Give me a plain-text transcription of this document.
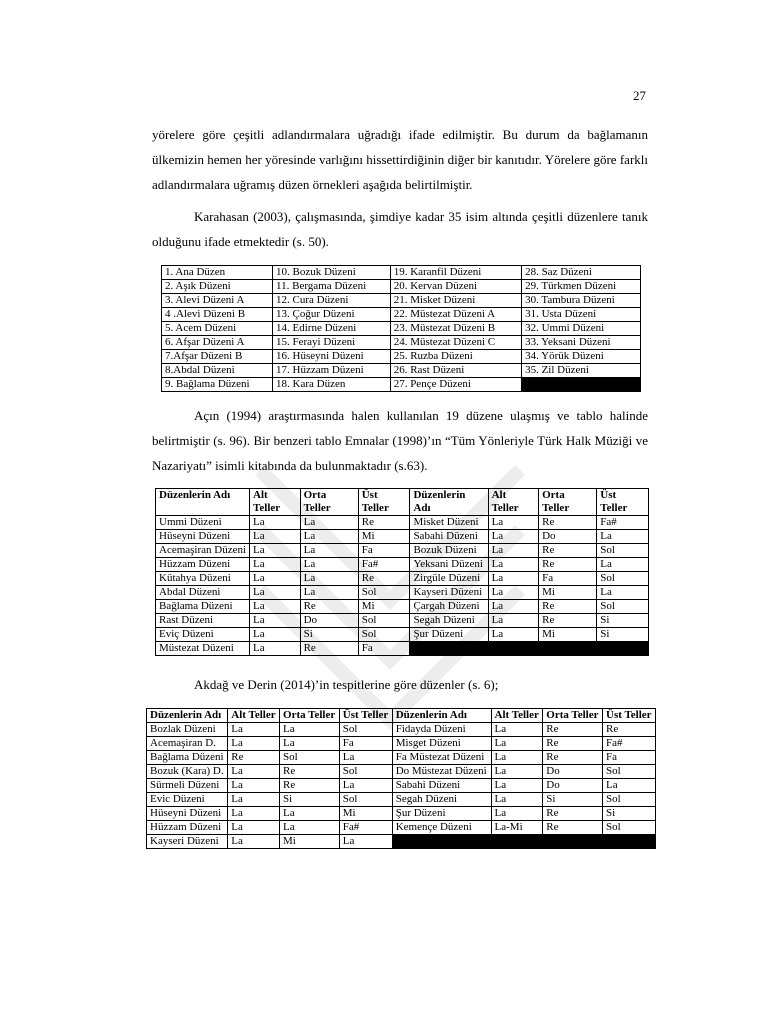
27

yörelere göre çeşitli adlandırmalara uğradığı ifade edilmiştir. Bu durum da bağlamanın ülkemizin hemen her yöresinde varlığını hissettirdiğinin diğer bir kanıtıdır. Yörelere göre farklı adlandırmalara uğramış düzen örnekleri aşağıda belirtilmiştir.

Karahasan (2003), çalışmasında, şimdiye kadar 35 isim altında çeşitli düzenlere tanık olduğunu ifade etmektedir (s. 50).

1. Ana Düzen	10. Bozuk Düzeni	19. Karanfil Düzeni	28. Saz Düzeni
2. Aşık Düzeni	11. Bergama Düzeni	20. Kervan Düzeni	29. Türkmen Düzeni
3. Alevi Düzeni A	12. Cura Düzeni	21. Misket Düzeni	30. Tambura Düzeni
4 .Alevi Düzeni B	13. Çoğur Düzeni	22. Müstezat Düzeni A	31. Usta Düzeni
5. Acem Düzeni	14. Edirne Düzeni	23. Müstezat Düzeni B	32. Ummi Düzeni
6. Afşar Düzeni A	15. Ferayi Düzeni	24. Müstezat Düzeni C	33. Yeksani Düzeni
7.Afşar Düzeni B	16. Hüseyni Düzeni	25. Ruzba Düzeni	34. Yörük Düzeni
8.Abdal Düzeni	17. Hüzzam Düzeni	26. Rast Düzeni	35. Zil Düzeni
9. Bağlama Düzeni	18. Kara Düzen	27. Pençe Düzeni	

Açın (1994) araştırmasında halen kullanılan 19 düzene ulaşmış ve tablo halinde belirtmiştir (s. 96). Bir benzeri tablo Emnalar (1998)’ın “Tüm Yönleriyle Türk Halk Müziği ve Nazariyatı” isimli kitabında da bulunmaktadır (s.63).

Düzenlerin Adı	Alt Teller	Orta Teller	Üst Teller	Düzenlerin Adı	Alt Teller	Orta Teller	Üst Teller
Ummi Düzeni	La	La	Re	Misket Düzeni	La	Re	Fa#
Hüseyni Düzeni	La	La	Mi	Sabahi Düzeni	La	Do	La
Acemaşiran Düzeni	La	La	Fa	Bozuk Düzeni	La	Re	Sol
Hüzzam Düzeni	La	La	Fa#	Yeksani Düzeni	La	Re	La
Kütahya Düzeni	La	La	Re	Zirgüle Düzeni	La	Fa	Sol
Abdal Düzeni	La	La	Sol	Kayseri Düzeni	La	Mi	La
Bağlama Düzeni	La	Re	Mi	Çargah Düzeni	La	Re	Sol
Rast Düzeni	La	Do	Sol	Segah Düzeni	La	Re	Si
Eviç Düzeni	La	Si	Sol	Şur Düzeni	La	Mi	Si
Müstezat Düzeni	La	Re	Fa				

Akdağ ve Derin (2014)’in tespitlerine göre düzenler (s. 6);

Düzenlerin Adı	Alt Teller	Orta Teller	Üst Teller	Düzenlerin Adı	Alt Teller	Orta Teller	Üst Teller
Bozlak Düzeni	La	La	Sol	Fidayda Düzeni	La	Re	Re
Acemaşiran D.	La	La	Fa	Misget Düzeni	La	Re	Fa#
Bağlama Düzeni	Re	Sol	La	Fa Müstezat Düzeni	La	Re	Fa
Bozuk (Kara) D.	La	Re	Sol	Do Müstezat Düzeni	La	Do	Sol
Sürmeli Düzeni	La	Re	La	Sabahi Düzeni	La	Do	La
Evic Düzeni	La	Si	Sol	Segah Düzeni	La	Si	Sol
Hüseyni Düzeni	La	La	Mi	Şur Düzeni	La	Re	Si
Hüzzam Düzeni	La	La	Fa#	Kemençe Düzeni	La-Mi	Re	Sol
Kayseri Düzeni	La	Mi	La				
